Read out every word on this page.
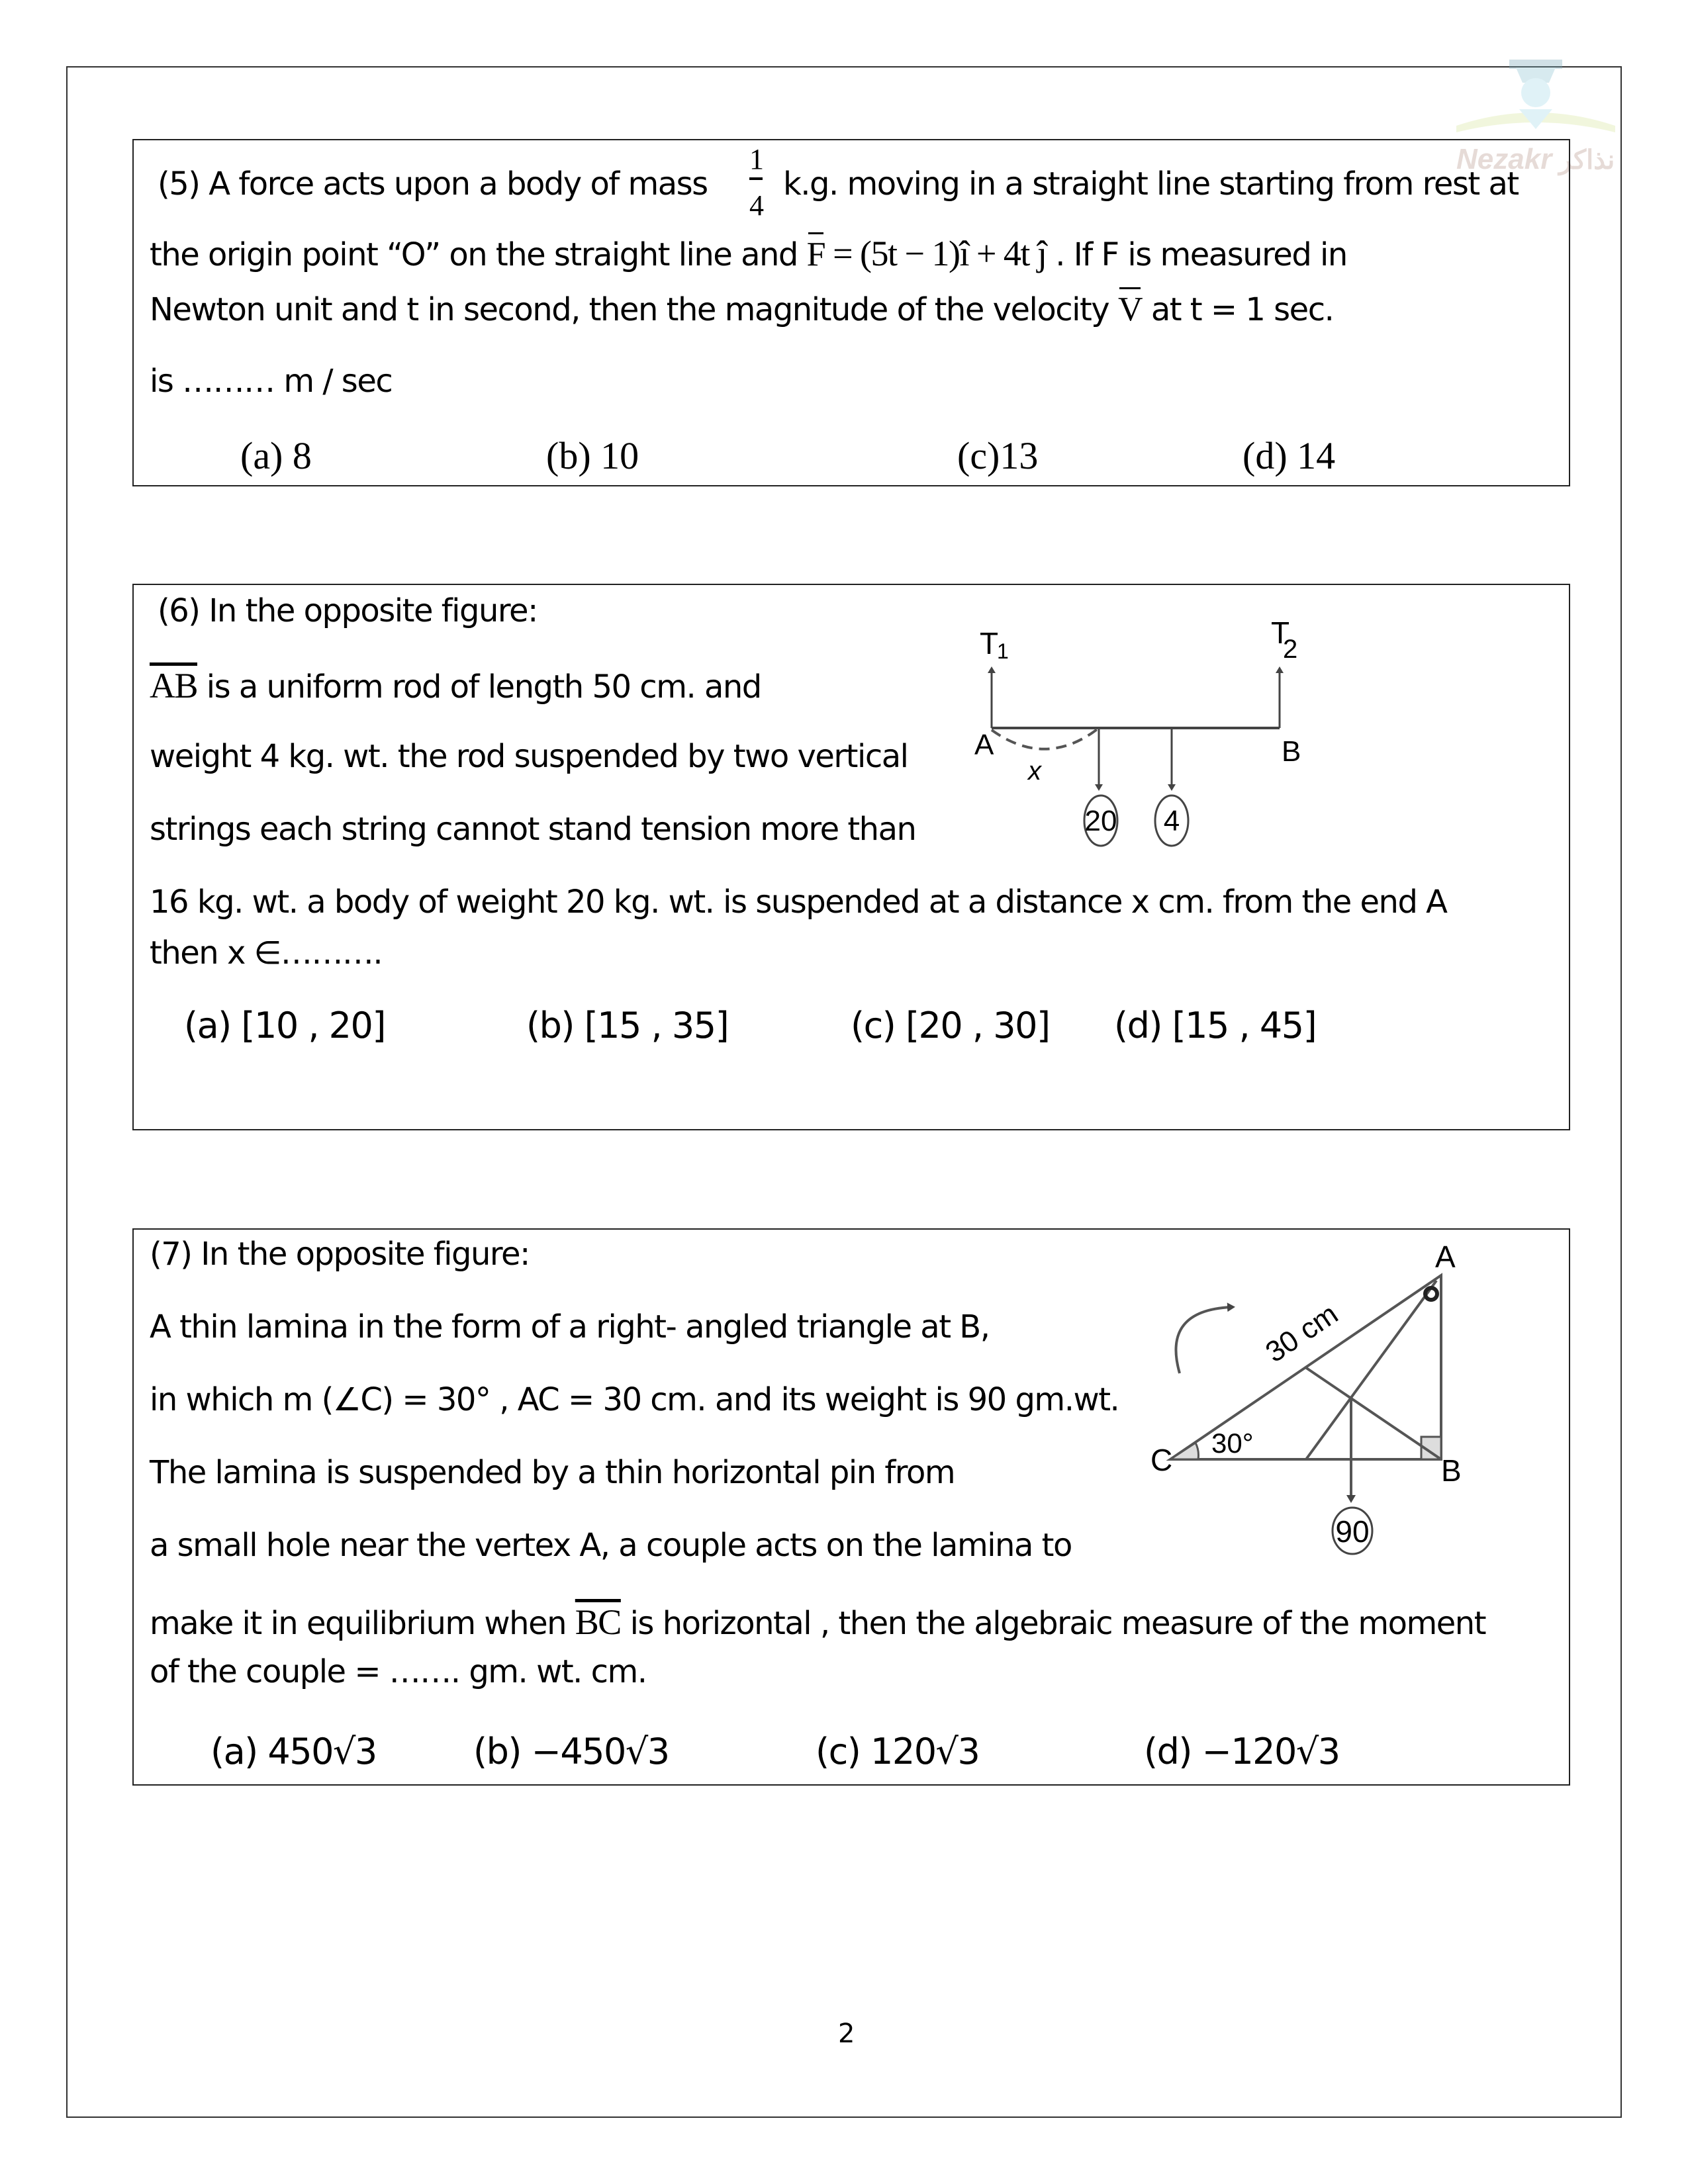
Nezakr نذاكر
(5) A force acts upon a body of mass
1
4
k.g. moving in a straight line starting from rest at
the origin point “O” on the straight line and F = (5t − 1)î + 4t ĵ . If F is measured in
Newton unit and t in second, then the magnitude of the velocity V at t = 1 sec.
is ……… m / sec
(a) 8	(b) 10	(c)13	(d) 14
(6) In the opposite figure:
$\overline{AB}$ is a uniform rod of length 50 cm. and
weight 4 kg. wt. the rod suspended by two vertical
strings each string cannot stand tension more than
16 kg. wt. a body of weight 20 kg. wt. is suspended at a distance x cm. from the end A
then x ∈……….
(a) [10 , 20]	(b) [15 , 35]	(c) [20 , 30] (d) [15 , 45]
T
1
T
2
A	B
x
20 4
(7) In the opposite figure:
A thin lamina in the form of a right- angled triangle at B,
in which m (∠C) = 30° , AC = 30 cm. and its weight is 90 gm.wt.
The lamina is suspended by a thin horizontal pin from
a small hole near the vertex A, a couple acts on the lamina to
make it in equilibrium when $\overline{BC}$ is horizontal , then the algebraic measure of the moment
of the couple = ……. gm. wt. cm.
(a) 450√3	(b) −450√3	(c) 120√3	(d) −120√3
90
A
B
C 30°
30 cm
2
